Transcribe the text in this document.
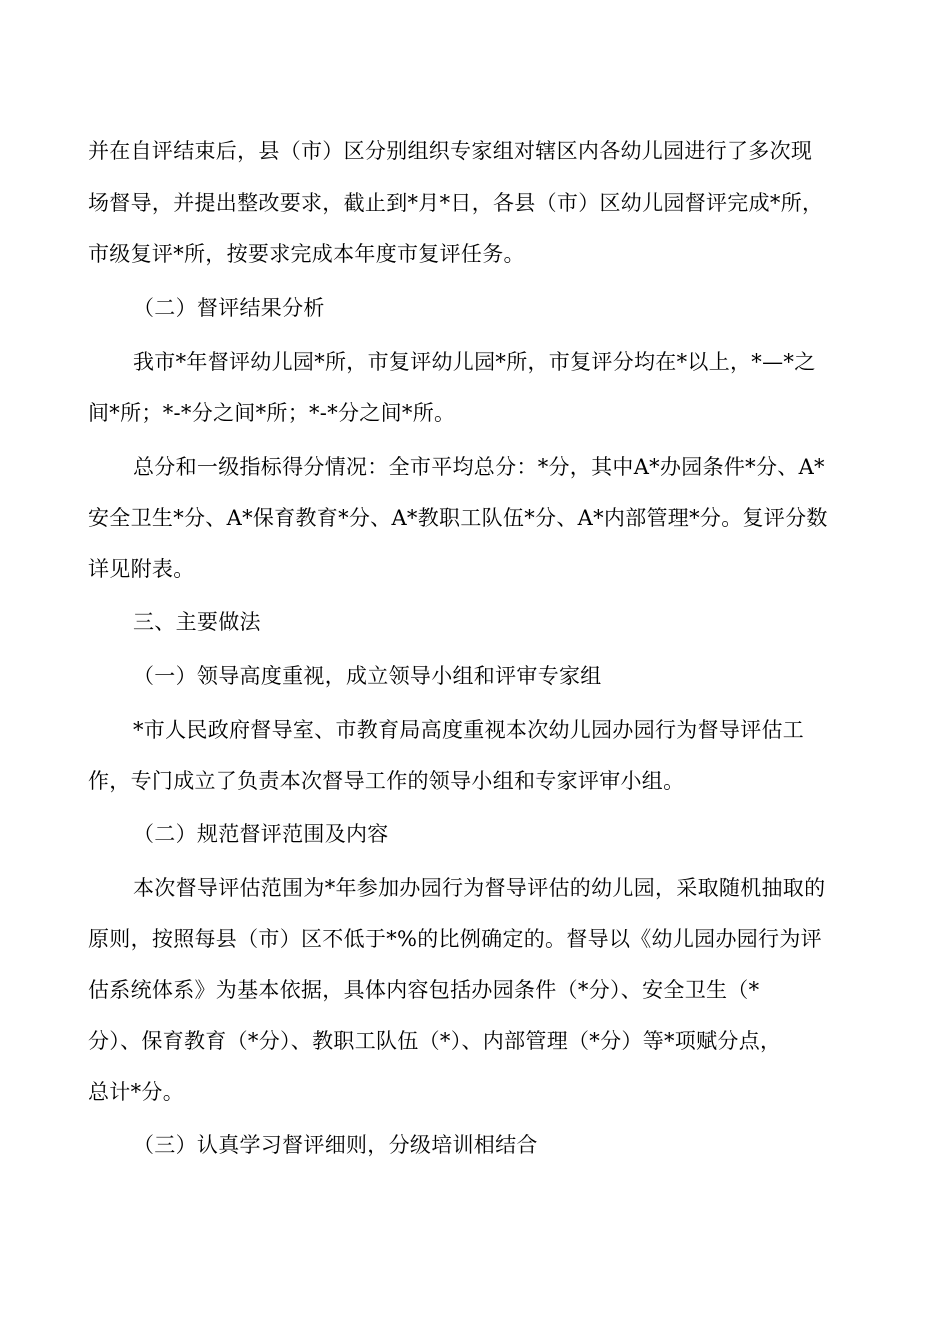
并在自评结束后，县（市）区分别组织专家组对辖区内各幼儿园进行了多次现
场督导，并提出整改要求，截止到*月*日，各县（市）区幼儿园督评完成*所，
市级复评*所，按要求完成本年度市复评任务。
（二）督评结果分析
我市*年督评幼儿园*所，市复评幼儿园*所，市复评分均在*以上，*—*之
间*所；*-*分之间*所；*-*分之间*所。
总分和一级指标得分情况：全市平均总分：*分，其中A*办园条件*分、A*
安全卫生*分、A*保育教育*分、A*教职工队伍*分、A*内部管理*分。复评分数
详见附表。
三、主要做法
（一）领导高度重视，成立领导小组和评审专家组
*市人民政府督导室、市教育局高度重视本次幼儿园办园行为督导评估工
作，专门成立了负责本次督导工作的领导小组和专家评审小组。
（二）规范督评范围及内容
本次督导评估范围为*年参加办园行为督导评估的幼儿园，采取随机抽取的
原则，按照每县（市）区不低于*%的比例确定的。督导以《幼儿园办园行为评
估系统体系》为基本依据，具体内容包括办园条件（*分）、安全卫生（*
分）、保育教育（*分）、教职工队伍（*）、内部管理（*分）等*项赋分点，
总计*分。
（三）认真学习督评细则，分级培训相结合
